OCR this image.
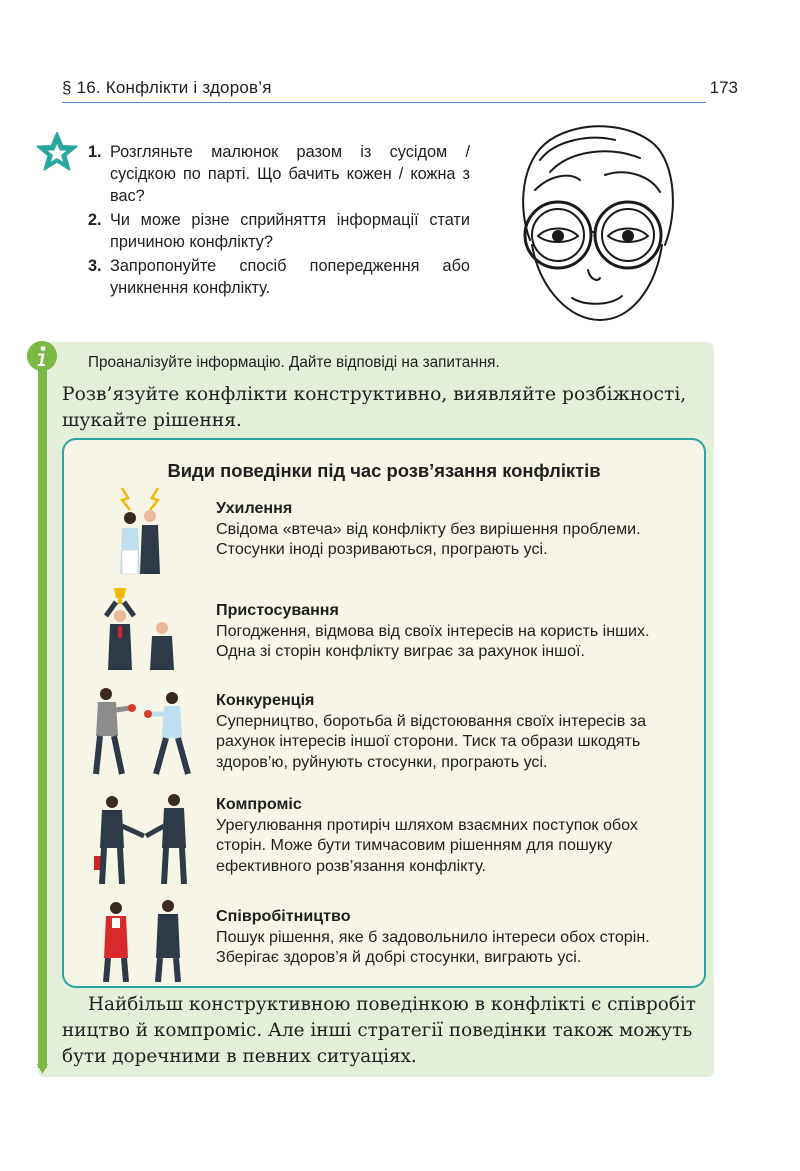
§ 16. Конфлікти і здоров’я	173
1. Розгляньте малюнок разом із сусідом / сусідкою по парті. Що бачить кожен / кожна з вас?
2. Чи може різне сприйняття інформації стати причиною конфлікту?
3. Запропонуйте спосіб попередження або уникнення конфлікту.
Проаналізуйте інформацію. Дайте відповіді на запитання.
Розв’язуйте конфлікти конструктивно, виявляйте розбіжності, шукайте рішення.
Види поведінки під час розв’язання конфліктів
Ухилення
Свідома «втеча» від конфлікту без вирішення проблеми.
Стосунки іноді розриваються, програють усі.
Пристосування
Погодження, відмова від своїх інтересів на користь інших.
Одна зі сторін конфлікту виграє за рахунок іншої.
Конкуренція
Суперництво, боротьба й відстоювання своїх інтересів за
рахунок інтересів іншої сторони. Тиск та образи шкодять
здоров’ю, руйнують стосунки, програють усі.
Компроміс
Урегулювання протиріч шляхом взаємних поступок обох
сторін. Може бути тимчасовим рішенням для пошуку
ефективного розв’язання конфлікту.
Співробітництво
Пошук рішення, яке б задовольнило інтереси обох сторін.
Зберігає здоров’я й добрі стосунки, виграють усі.
Найбільш конструктивною поведінкою в конфлікті є співробіт
ництво й компроміс. Але інші стратегії поведінки також можуть
бути доречними в певних ситуаціях.
